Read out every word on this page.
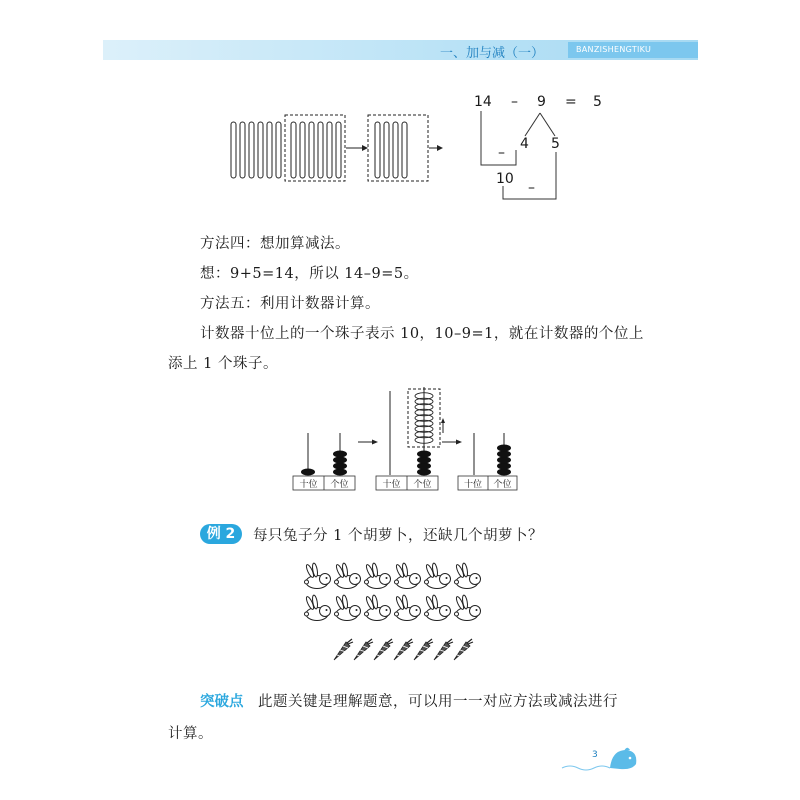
一、加与减（一）	BANZISHENGTIKU
14 – 9 = 5
4 5
–
10
–
方法四：想加算减法。
想：9+5=14，所以 14–9=5。
方法五：利用计数器计算。
计数器十位上的一个珠子表示 10，10–9=1，就在计数器的个位上
添上 1 个珠子。
十位	个位	十位	个位	十位	个位
例 2	每只兔子分 1 个胡萝卜，还缺几个胡萝卜？
突破点 此题关键是理解题意，可以用一一对应方法或减法进行
计算。
3
